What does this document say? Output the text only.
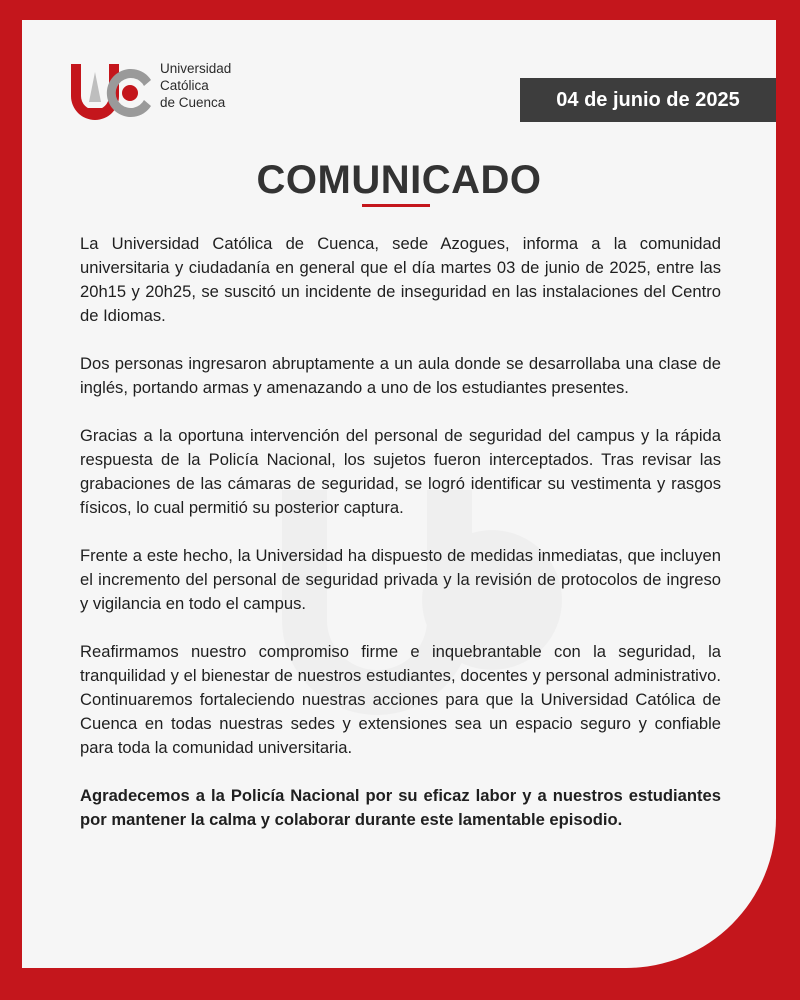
Universidad
Católica
de Cuenca	04 de junio de 2025
COMUNICADO

La Universidad Católica de Cuenca, sede Azogues, informa a la comunidad universitaria y ciudadanía en general que el día martes 03 de junio de 2025, entre las 20h15 y 20h25, se suscitó un incidente de inseguridad en las instalaciones del Centro de Idiomas.

Dos personas ingresaron abruptamente a un aula donde se desarrollaba una clase de inglés, portando armas y amenazando a uno de los estudiantes presentes.

Gracias a la oportuna intervención del personal de seguridad del campus y la rápida respuesta de la Policía Nacional, los sujetos fueron interceptados. Tras revisar las grabaciones de las cámaras de seguridad, se logró identificar su vestimenta y rasgos físicos, lo cual permitió su posterior captura.

Frente a este hecho, la Universidad ha dispuesto de medidas inmediatas, que incluyen el incremento del personal de seguridad privada y la revisión de protocolos de ingreso y vigilancia en todo el campus.

Reafirmamos nuestro compromiso firme e inquebrantable con la seguridad, la tranquilidad y el bienestar de nuestros estudiantes, docentes y personal administrativo. Continuaremos fortaleciendo nuestras acciones para que la Universidad Católica de Cuenca en todas nuestras sedes y extensiones sea un espacio seguro y confiable para toda la comunidad universitaria.

Agradecemos a la Policía Nacional por su eficaz labor y a nuestros estudiantes por mantener la calma y colaborar durante este lamentable episodio.
